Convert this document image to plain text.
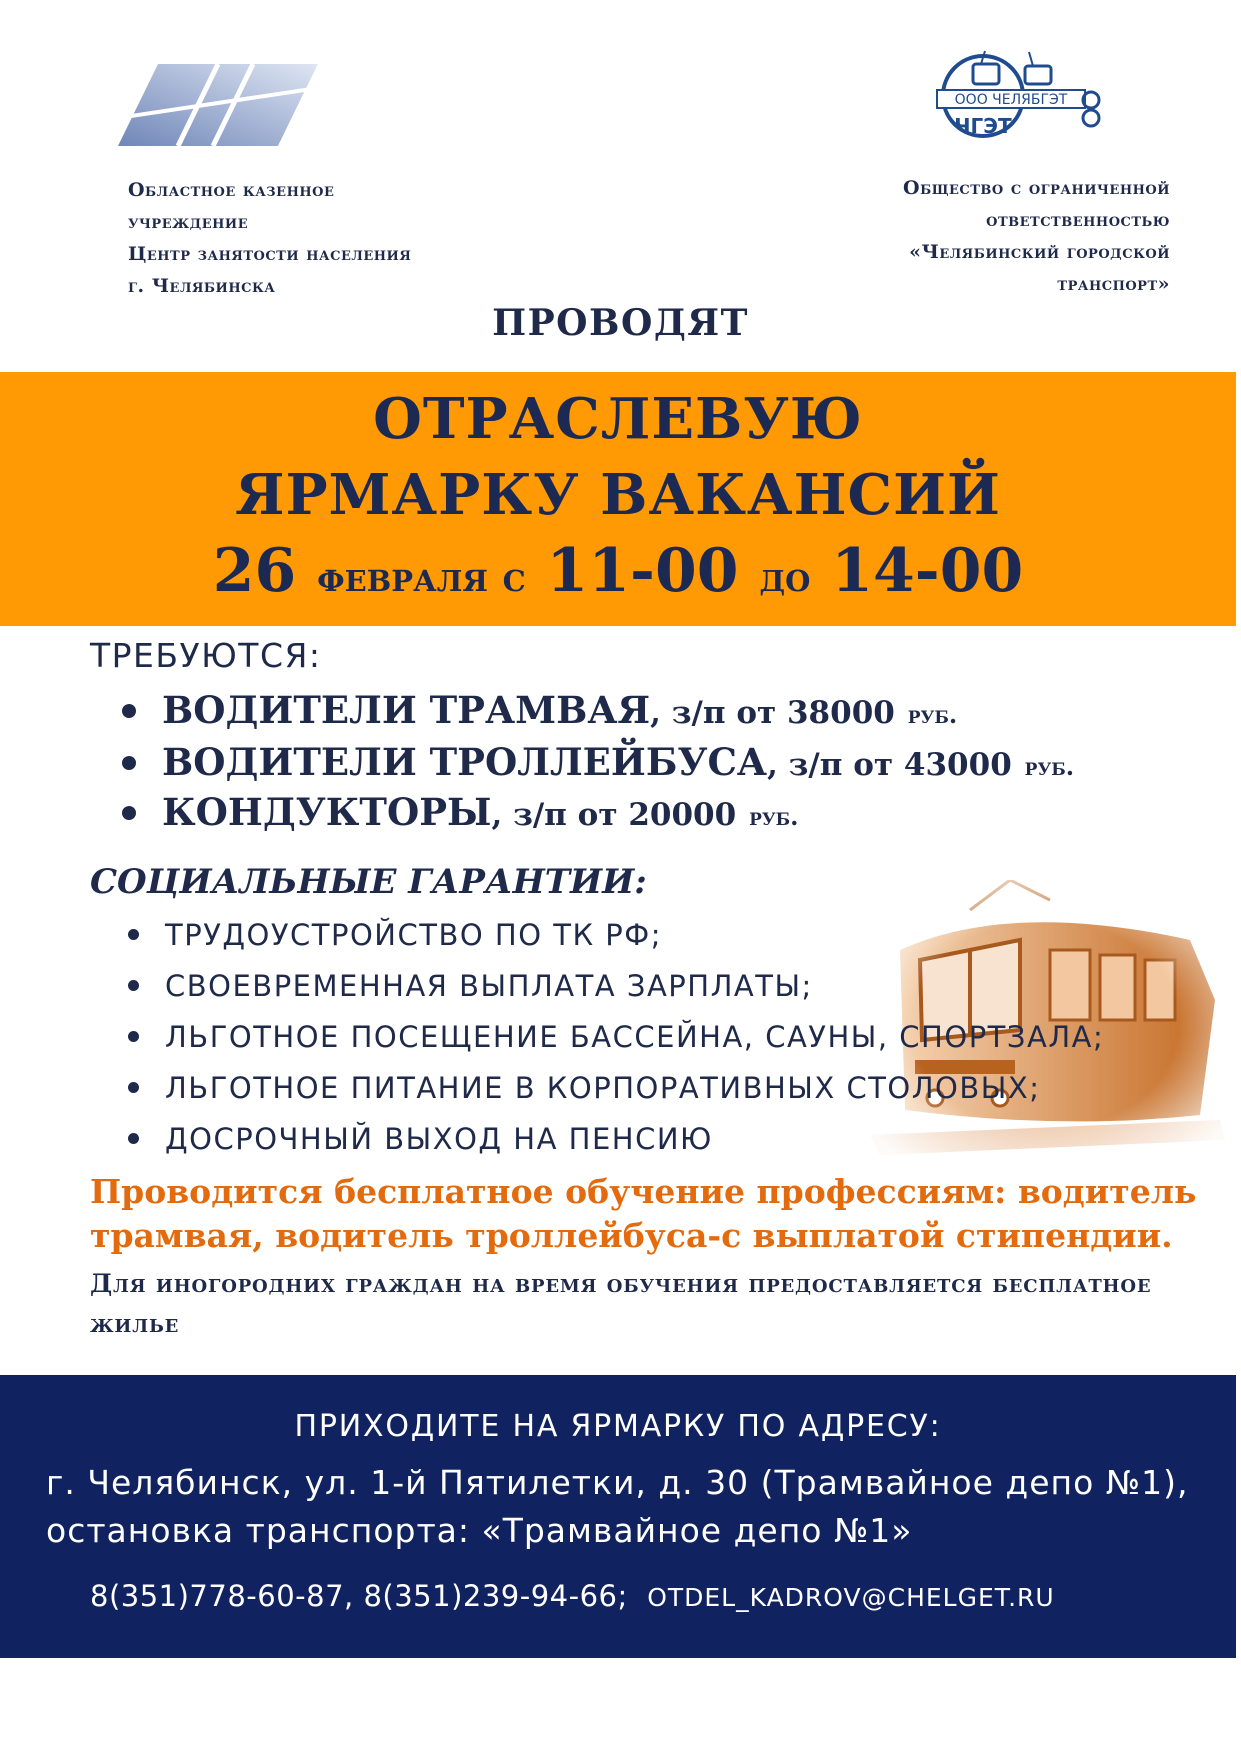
ООО ЧЕЛЯБГЭТ
ЧГЭТ
Областное казенное
учреждение
Центр занятости населения
г. Челябинска
Общество с ограниченной
ответственностью
«Челябинский городской
транспорт»
ПРОВОДЯТ
ОТРАСЛЕВУЮ
ЯРМАРКУ ВАКАНСИЙ
26 февраля с 11-00 до 14-00
ТРЕБУЮТСЯ:
ВОДИТЕЛИ ТРАМВАЯ, з/п от 38000 руб.
ВОДИТЕЛИ ТРОЛЛЕЙБУСА, з/п от 43000 руб.
КОНДУКТОРЫ, з/п от 20000 руб.
СОЦИАЛЬНЫЕ ГАРАНТИИ:
ТРУДОУСТРОЙСТВО ПО ТК РФ;
СВОЕВРЕМЕННАЯ ВЫПЛАТА ЗАРПЛАТЫ;
ЛЬГОТНОЕ ПОСЕЩЕНИЕ БАССЕЙНА, САУНЫ, СПОРТЗАЛА;
ЛЬГОТНОЕ ПИТАНИЕ В КОРПОРАТИВНЫХ СТОЛОВЫХ;
ДОСРОЧНЫЙ ВЫХОД НА ПЕНСИЮ
Проводится бесплатное обучение профессиям: водитель трамвая, водитель троллейбуса-с выплатой стипендии.
Для иногородних граждан на время обучения предоставляется бесплатное жилье
ПРИХОДИТЕ НА ЯРМАРКУ ПО АДРЕСУ:
г. Челябинск, ул. 1-й Пятилетки, д. 30 (Трамвайное депо №1), остановка транспорта: «Трамвайное депо №1»
8(351)778-60-87, 8(351)239-94-66; OTDEL_KADROV@CHELGET.RU
